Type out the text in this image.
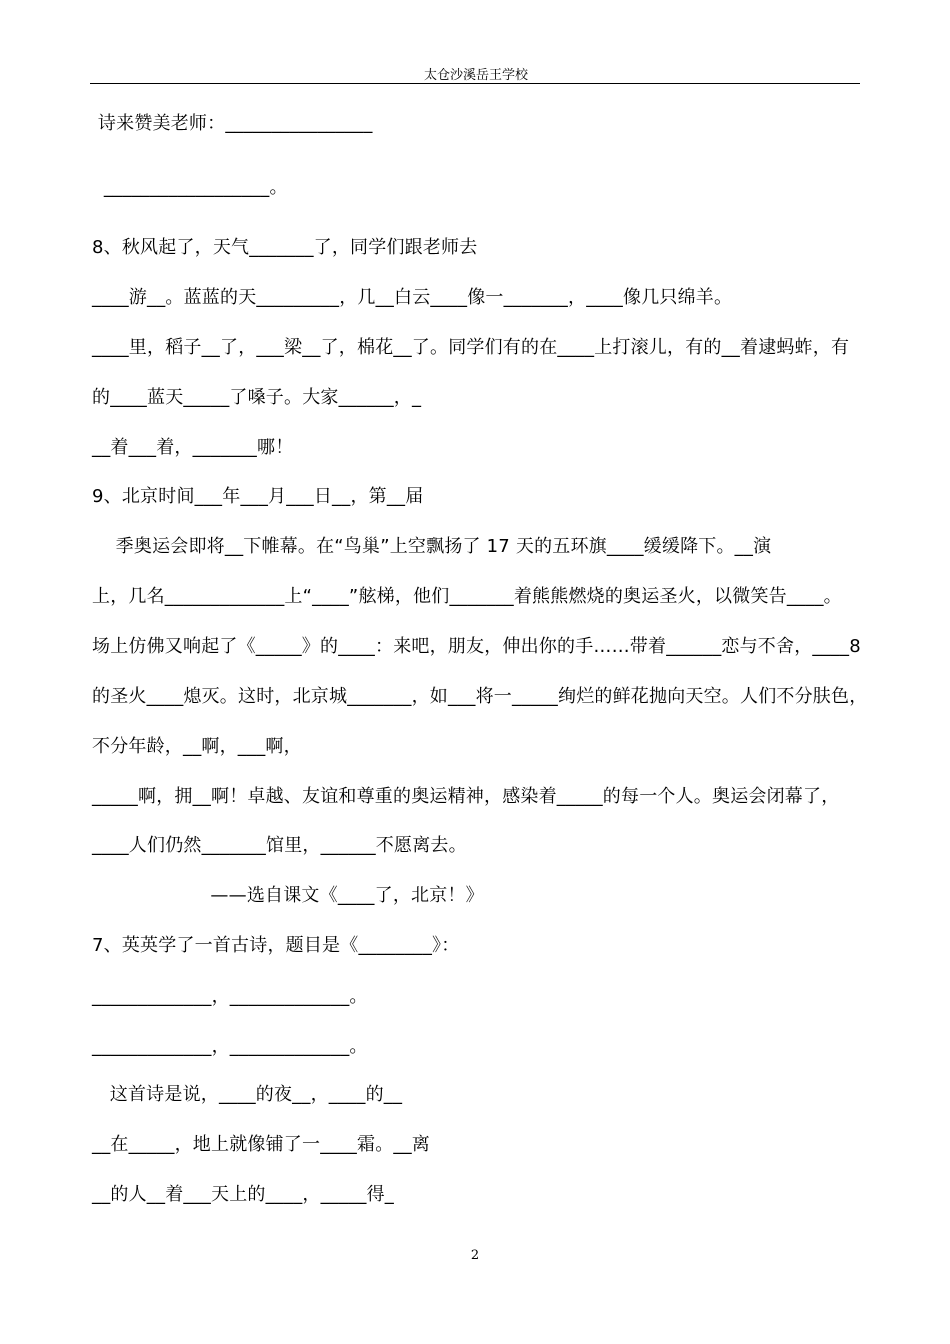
太仓沙溪岳王学校
诗来赞美老师：________________
__________________。
8、秋风起了，天气_______了，同学们跟老师去
____游__。蓝蓝的天_________，几__白云____像一_______，____像几只绵羊。
____里，稻子__了，___梁__了，棉花__了。同学们有的在____上打滚儿，有的__着逮蚂蚱，有
的____蓝天_____了嗓子。大家______，_
__着___着，_______哪！
9、北京时间___年___月___日__，第__届
季奥运会即将__下帷幕。在“鸟巢”上空飘扬了 17 天的五环旗____缓缓降下。__演
上，几名_____________上“____”舷梯，他们_______着熊熊燃烧的奥运圣火，以微笑告____。
场上仿佛又响起了《_____》的____：来吧，朋友，伸出你的手……带着______恋与不舍，____8
的圣火____熄灭。这时，北京城_______，如___将一_____绚烂的鲜花抛向天空。人们不分肤色，
不分年龄，__啊，___啊，
_____啊，拥__啊！卓越、友谊和尊重的奥运精神，感染着_____的每一个人。奥运会闭幕了，
____人们仍然_______馆里，______不愿离去。
——选自课文《____了，北京！》
7、英英学了一首古诗，题目是《________》：
_____________，_____________。
_____________，_____________。
这首诗是说，____的夜__，____的__
__在_____，地上就像铺了一____霜。__离
__的人__着___天上的____，_____得_
2
